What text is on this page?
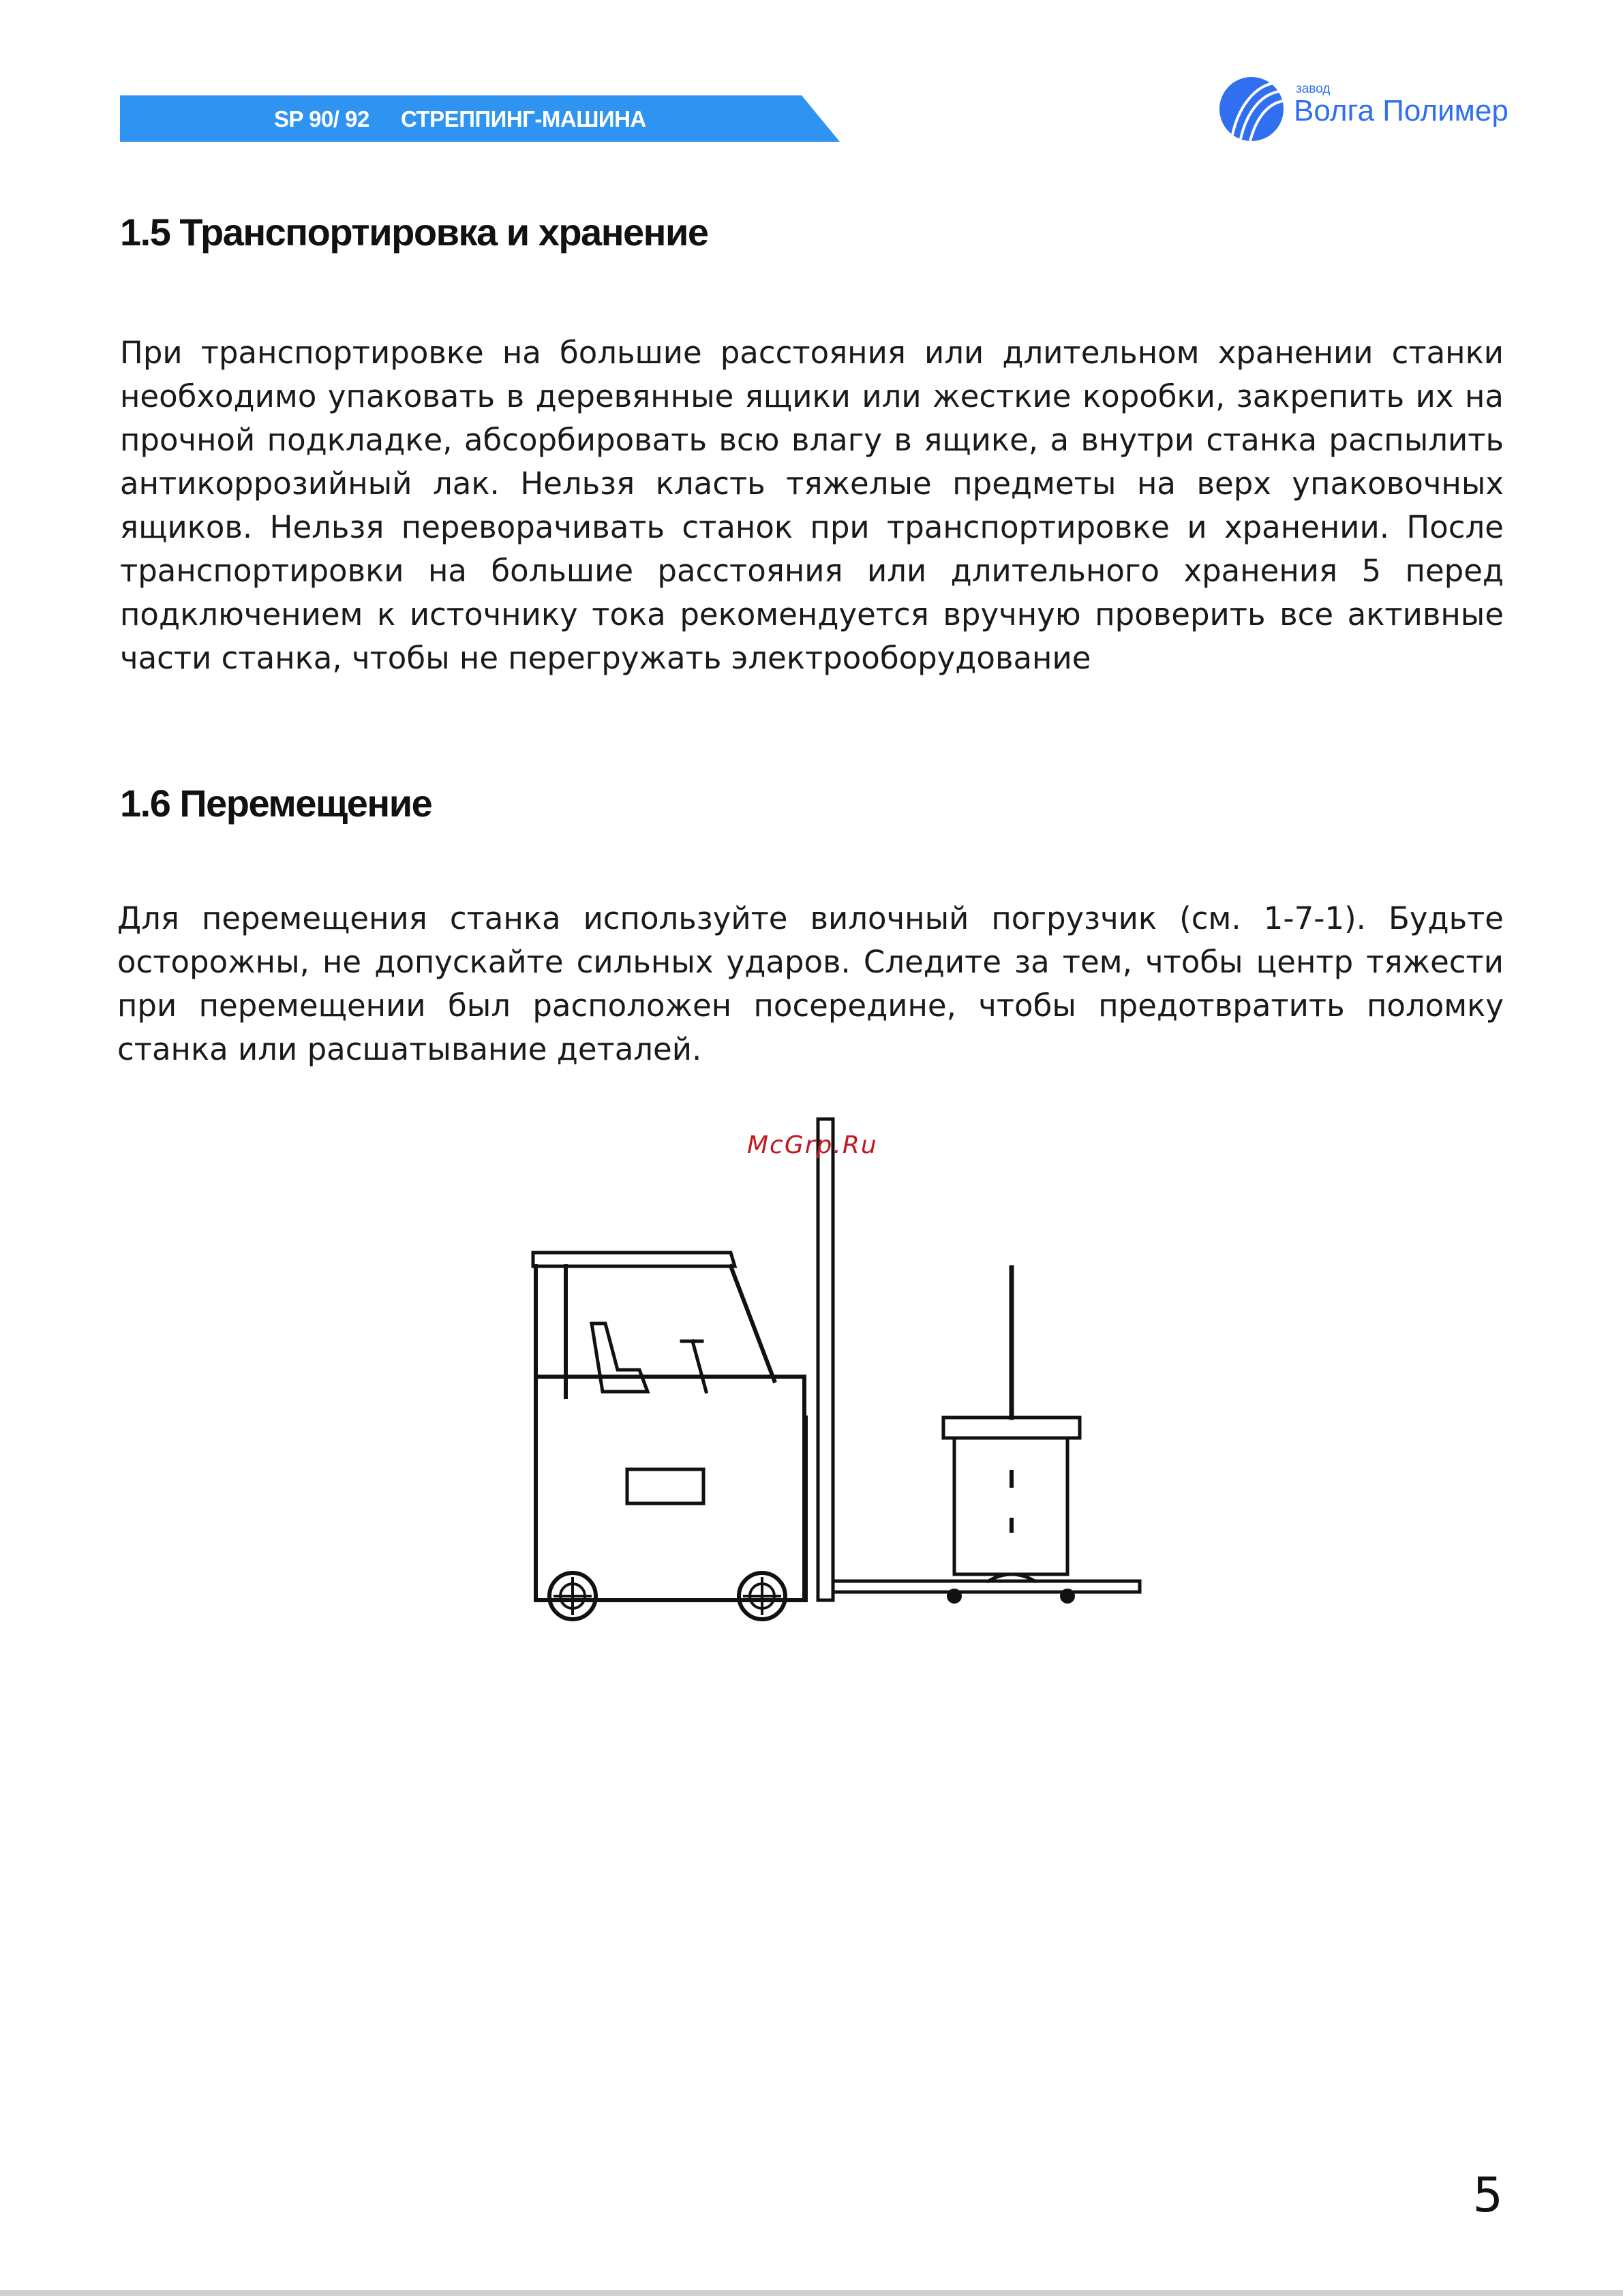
SP 90/ 92 СТРЕППИНГ-МАШИНА
завод
Волга Полимер
1.5 Транспортировка и хранение

При транспортировке на большие расстояния или длительном хранении станки необходимо упаковать в деревянные ящики или жесткие коробки, закрепить их на прочной подкладке, абсорбировать всю влагу в ящике, а внутри станка распылить антикоррозийный лак. Нельзя класть тяжелые предметы на верх упаковочных ящиков. Нельзя переворачивать станок при транспортировке и хранении. После транспортировки на большие расстояния или длительного хранения 5 перед подключением к источнику тока рекомендуется вручную проверить все активные части станка, чтобы не перегружать электрооборудование

1.6 Перемещение

Для перемещения станка используйте вилочный погрузчик (см. 1-7-1). Будьте осторожны, не допускайте сильных ударов. Следите за тем, чтобы центр тяжести при перемещении был расположен посередине, чтобы предотвратить поломку станка или расшатывание деталей.

McGrp.Ru
5
